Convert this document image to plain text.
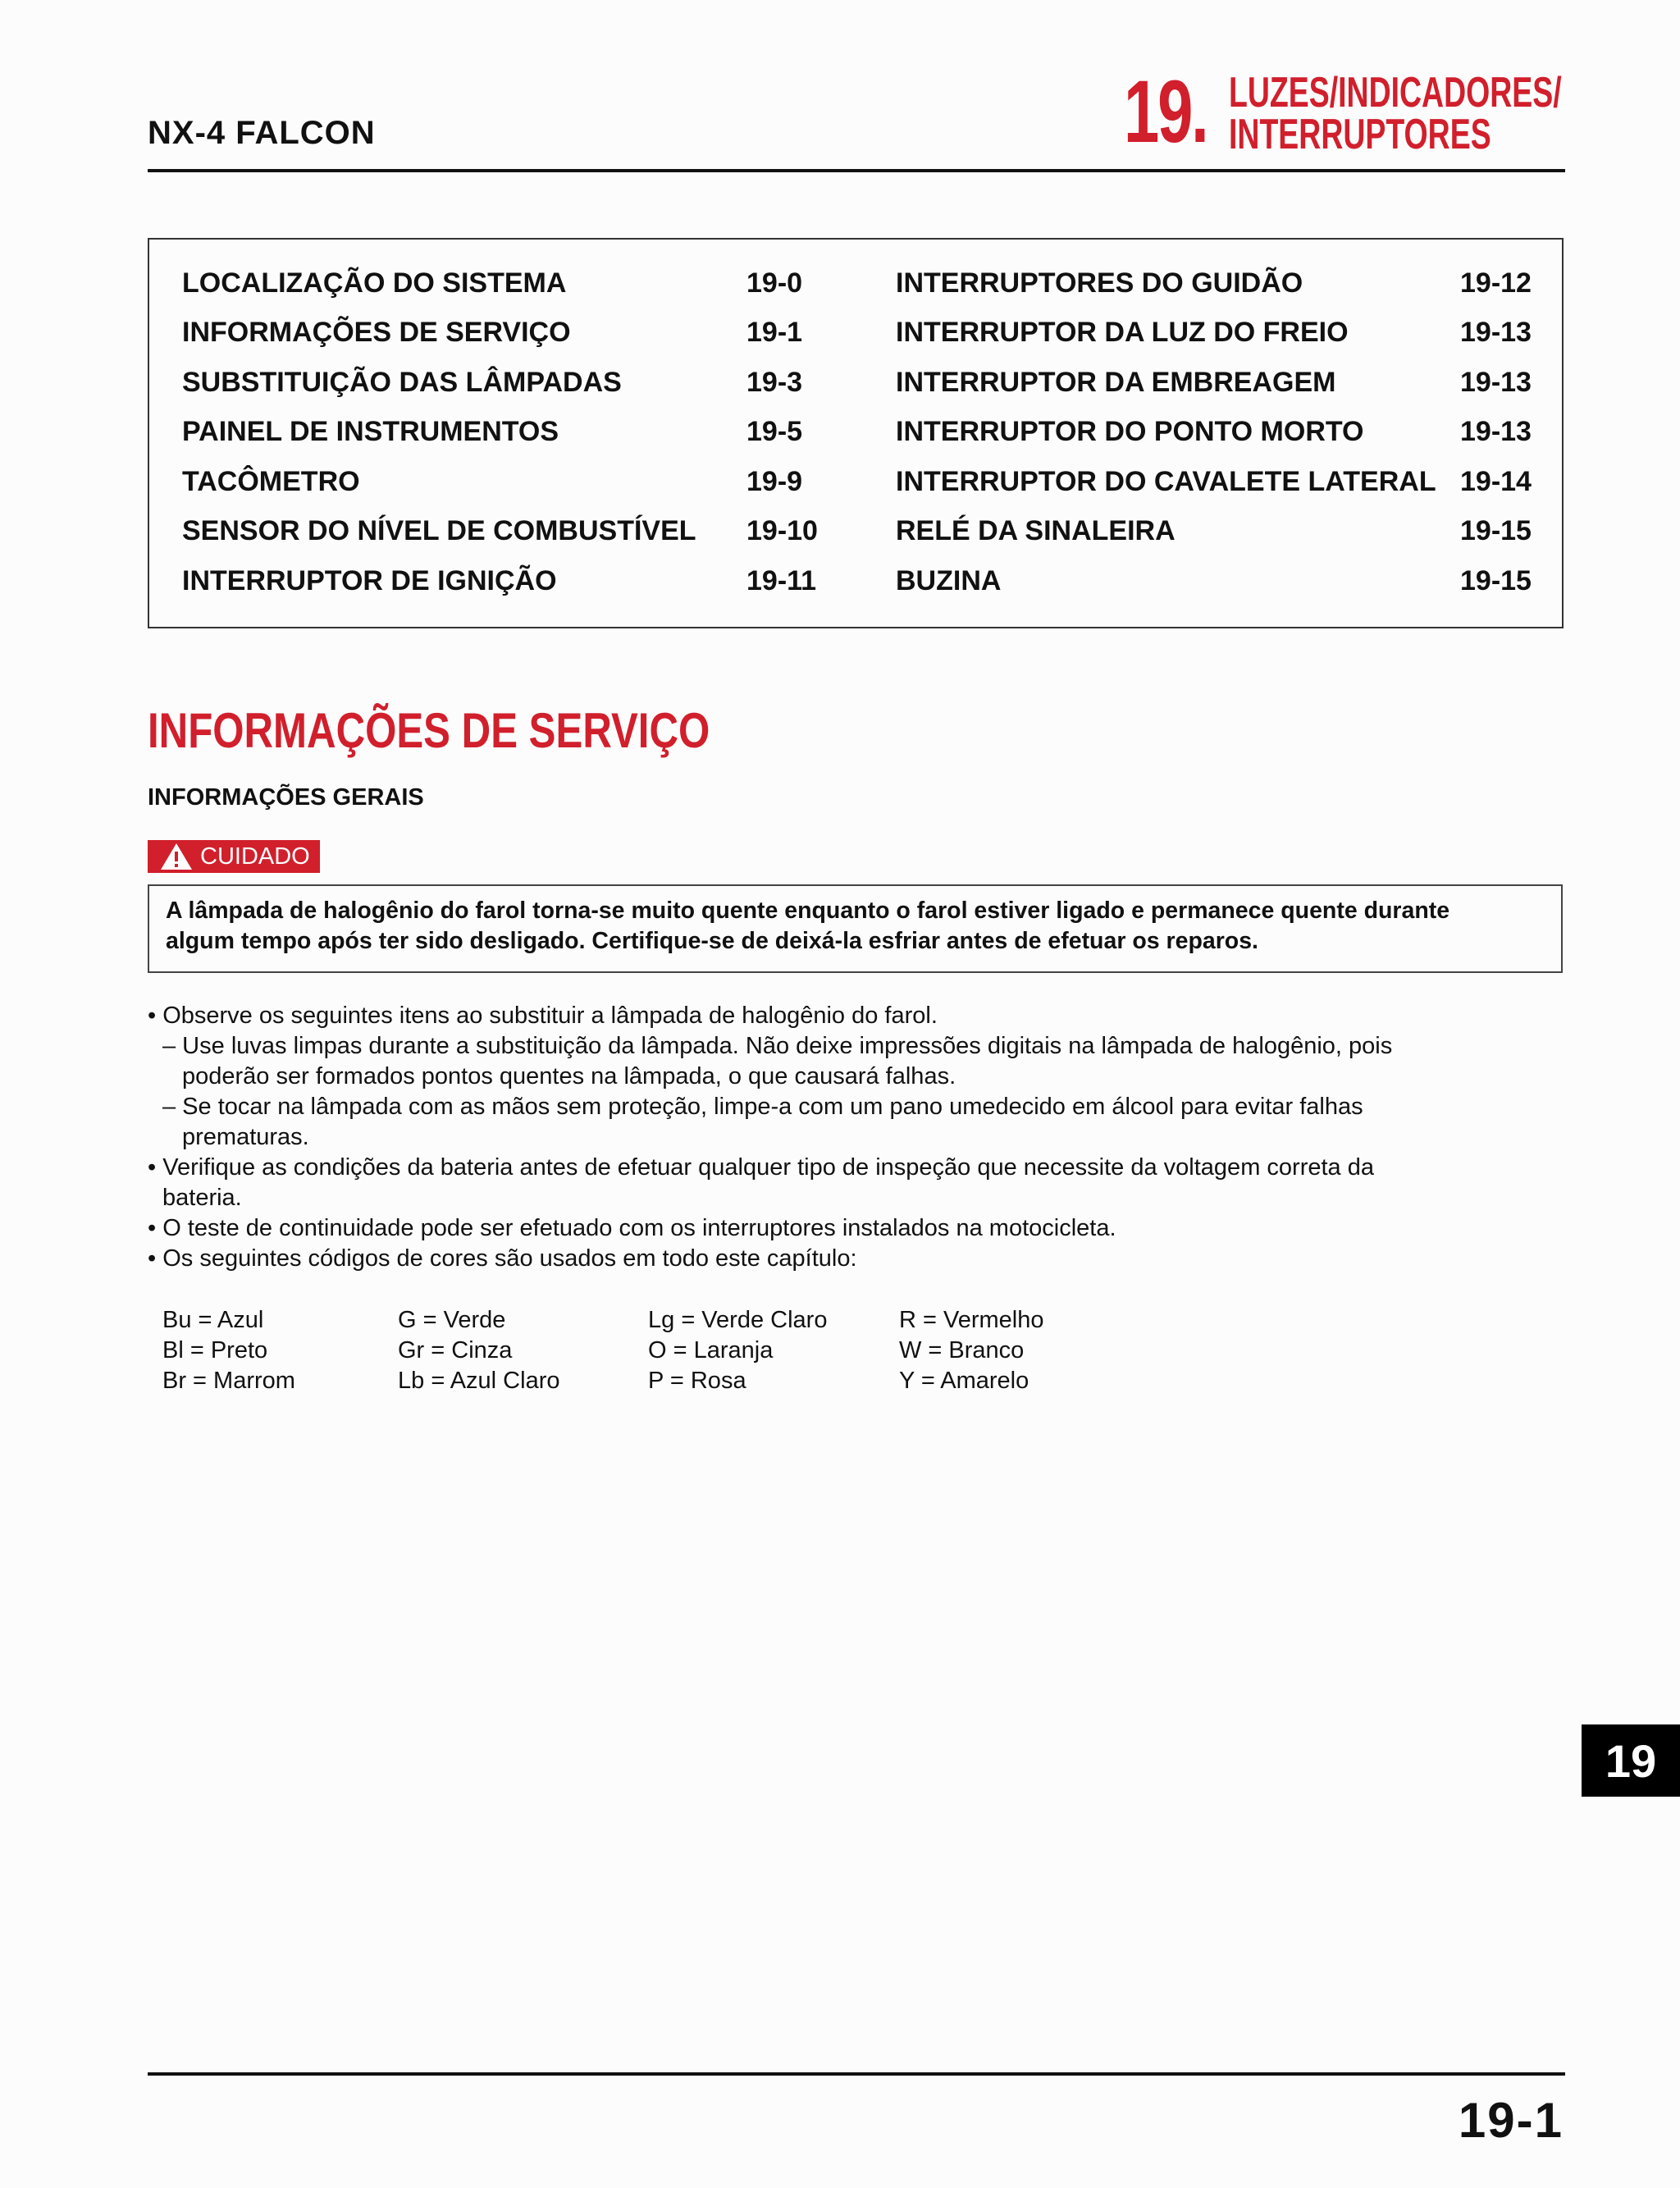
NX-4 FALCON	19. LUZES/INDICADORES/
INTERRUPTORES
LOCALIZAÇÃO DO SISTEMA	19-0
INFORMAÇÕES DE SERVIÇO	19-1
SUBSTITUIÇÃO DAS LÂMPADAS	19-3
PAINEL DE INSTRUMENTOS	19-5
TACÔMETRO	19-9
SENSOR DO NÍVEL DE COMBUSTÍVEL 19-10
INTERRUPTOR DE IGNIÇÃO	19-11
INTERRUPTORES DO GUIDÃO	19-12
INTERRUPTOR DA LUZ DO FREIO	19-13
INTERRUPTOR DA EMBREAGEM	19-13
INTERRUPTOR DO PONTO MORTO	19-13
INTERRUPTOR DO CAVALETE LATERAL 19-14
RELÉ DA SINALEIRA	19-15
BUZINA	19-15
INFORMAÇÕES DE SERVIÇO
INFORMAÇÕES GERAIS
CUIDADO
A lâmpada de halogênio do farol torna-se muito quente enquanto o farol estiver ligado e permanece quente durante
algum tempo após ter sido desligado. Certifique-se de deixá-la esfriar antes de efetuar os reparos.
• Observe os seguintes itens ao substituir a lâmpada de halogênio do farol.
– Use luvas limpas durante a substituição da lâmpada. Não deixe impressões digitais na lâmpada de halogênio, pois
poderão ser formados pontos quentes na lâmpada, o que causará falhas.
– Se tocar na lâmpada com as mãos sem proteção, limpe-a com um pano umedecido em álcool para evitar falhas
prematuras.
• Verifique as condições da bateria antes de efetuar qualquer tipo de inspeção que necessite da voltagem correta da
bateria.
• O teste de continuidade pode ser efetuado com os interruptores instalados na motocicleta.
• Os seguintes códigos de cores são usados em todo este capítulo:
Bu = Azul
Bl = Preto
Br = Marrom
G = Verde
Gr = Cinza
Lb = Azul Claro
Lg = Verde Claro
O = Laranja
P = Rosa
R = Vermelho
W = Branco
Y = Amarelo
19
19-1
